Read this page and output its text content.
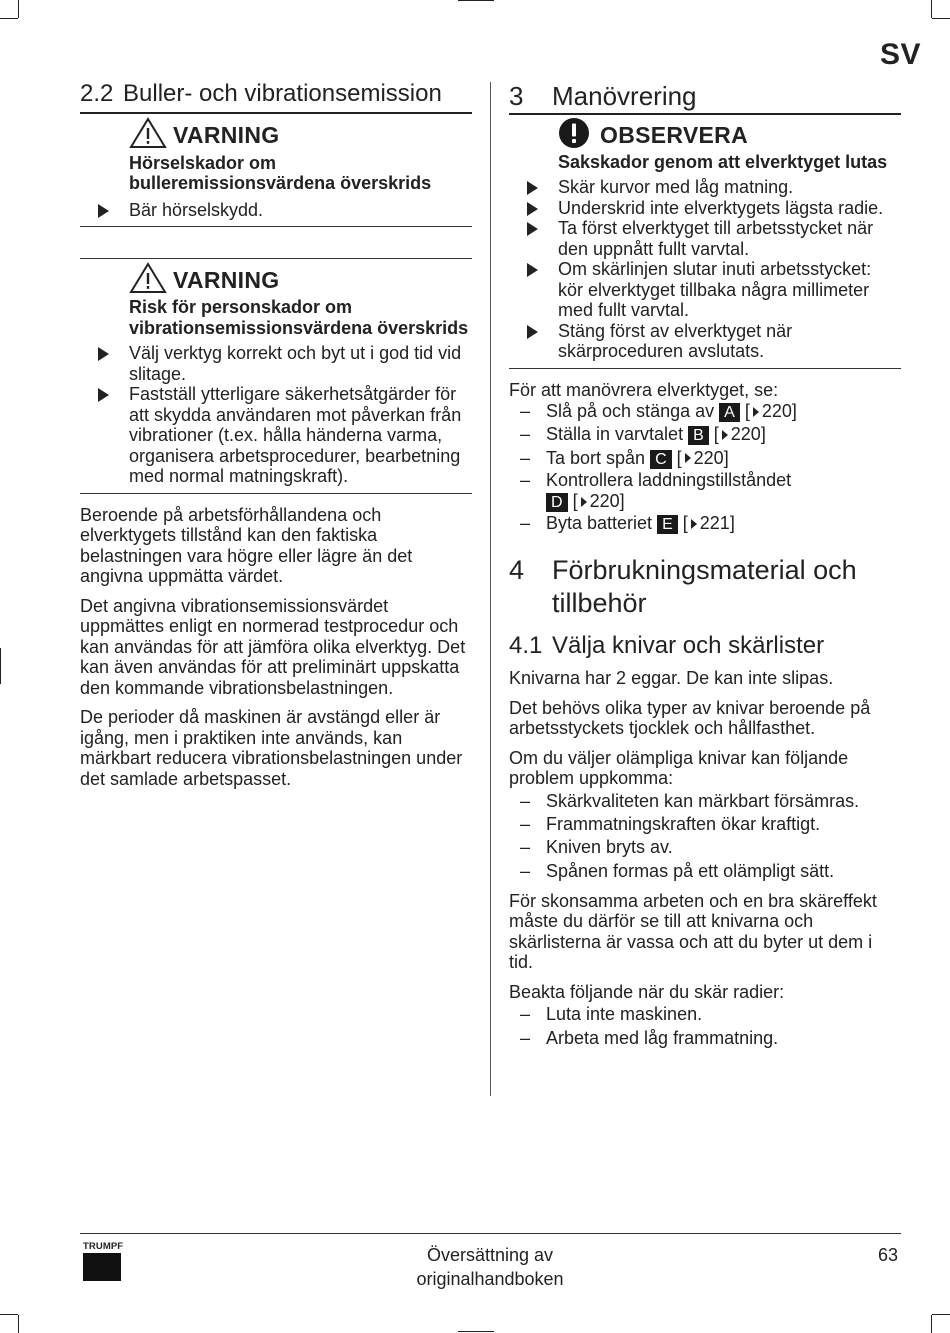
SV
2.2 Buller- och vibrationsemission
VARNING
Hörselskador om bulleremissionsvärdena överskrids
Bär hörselskydd.
VARNING
Risk för personskador om vibrationsemissionsvärdena överskrids
Välj verktyg korrekt och byt ut i god tid vid slitage.
Fastställ ytterligare säkerhetsåtgärder för att skydda användaren mot påverkan från vibrationer (t.ex. hålla händerna varma, organisera arbetsprocedurer, bearbetning med normal matningskraft).

Beroende på arbetsförhållandena och elverktygets tillstånd kan den faktiska belastningen vara högre eller lägre än det angivna uppmätta värdet.

Det angivna vibrationsemissionsvärdet uppmättes enligt en normerad testprocedur och kan användas för att jämföra olika elverktyg. Det kan även användas för att preliminärt uppskatta den kommande vibrationsbelastningen.

De perioder då maskinen är avstängd eller är igång, men i praktiken inte används, kan märkbart reducera vibrationsbelastningen under det samlade arbetspasset.

3 Manövrering
OBSERVERA
Sakskador genom att elverktyget lutas
Skär kurvor med låg matning.
Underskrid inte elverktygets lägsta radie.
Ta först elverktyget till arbetsstycket när den uppnått fullt varvtal.
Om skärlinjen slutar inuti arbetsstycket: kör elverktyget tillbaka några millimeter med fullt varvtal.
Stäng först av elverktyget när skärproceduren avslutats.

För att manövrera elverktyget, se:

– Slå på och stänga av A [ 220]
– Ställa in varvtalet B [ 220]
– Ta bort spån C [ 220]
– Kontrollera laddningstillståndet
D [ 220]
– Byta batteriet E [ 221]
4	Förbrukningsmaterial och tillbehör
4.1 Välja knivar och skärlister

Knivarna har 2 eggar. De kan inte slipas.

Det behövs olika typer av knivar beroende på arbetsstyckets tjocklek och hållfasthet.

Om du väljer olämpliga knivar kan följande problem uppkomma:

– Skärkvaliteten kan märkbart försämras.
– Frammatningskraften ökar kraftigt.
– Kniven bryts av.
– Spånen formas på ett olämpligt sätt.

För skonsamma arbeten och en bra skäreffekt måste du därför se till att knivarna och skärlisterna är vassa och att du byter ut dem i tid.

Beakta följande när du skär radier:

– Luta inte maskinen.
– Arbeta med låg frammatning.
TRUMPF	Översättning av originalhandboken
63
